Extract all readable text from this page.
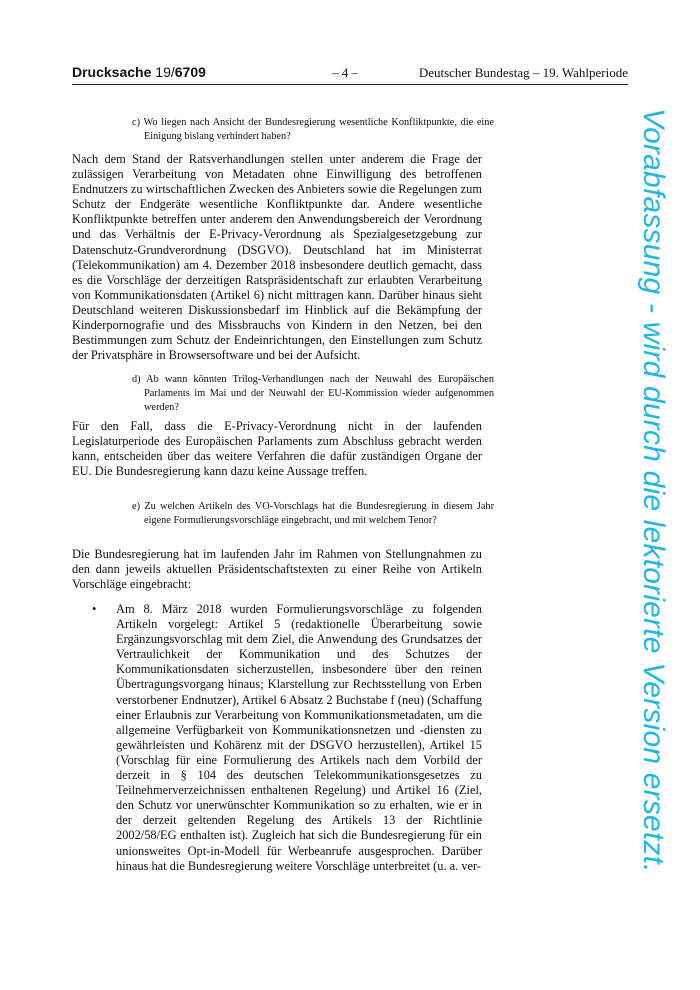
Drucksache 19/6709	– 4 –	Deutscher Bundestag – 19. Wahlperiode
c) Wo liegen nach Ansicht der Bundesregierung wesentliche Konfliktpunkte, die eine Einigung bislang verhindert haben?

Nach dem Stand der Ratsverhandlungen stellen unter anderem die Frage der zulässigen Verarbeitung von Metadaten ohne Einwilligung des betroffenen Endnutzers zu wirtschaftlichen Zwecken des Anbieters sowie die Regelungen zum Schutz der Endgeräte wesentliche Konfliktpunkte dar. Andere wesentliche Konfliktpunkte betreffen unter anderem den Anwendungsbereich der Verordnung und das Verhältnis der E-Privacy-Verordnung als Spezialgesetzgebung zur Datenschutz-Grundverordnung (DSGVO). Deutschland hat im Ministerrat (Telekommunikation) am 4. Dezember 2018 insbesondere deutlich gemacht, dass es die Vorschläge der derzeitigen Ratspräsidentschaft zur erlaubten Verarbeitung von Kommunikationsdaten (Artikel 6) nicht mittragen kann. Darüber hinaus sieht Deutschland weiteren Diskussionsbedarf im Hinblick auf die Bekämpfung der Kinderpornografie und des Missbrauchs von Kindern in den Netzen, bei den Bestimmungen zum Schutz der Endeinrichtungen, den Einstellungen zum Schutz der Privatsphäre in Browsersoftware und bei der Aufsicht.

d) Ab wann könnten Trilog-Verhandlungen nach der Neuwahl des Europäischen Parlaments im Mai und der Neuwahl der EU-Kommission wieder aufgenommen werden?

Für den Fall, dass die E-Privacy-Verordnung nicht in der laufenden Legislaturperiode des Europäischen Parlaments zum Abschluss gebracht werden kann, entscheiden über das weitere Verfahren die dafür zuständigen Organe der EU. Die Bundesregierung kann dazu keine Aussage treffen.

e) Zu welchen Artikeln des VO-Vorschlags hat die Bundesregierung in diesem Jahr eigene Formulierungsvorschläge eingebracht, und mit welchem Tenor?

Die Bundesregierung hat im laufenden Jahr im Rahmen von Stellungnahmen zu den dann jeweils aktuellen Präsidentschaftstexten zu einer Reihe von Artikeln Vorschläge eingebracht:

• Am 8. März 2018 wurden Formulierungsvorschläge zu folgenden Artikeln vorgelegt: Artikel 5 (redaktionelle Überarbeitung sowie Ergänzungsvorschlag mit dem Ziel, die Anwendung des Grundsatzes der Vertraulichkeit der Kommunikation und des Schutzes der Kommunikationsdaten sicherzustellen, insbesondere über den reinen Übertragungsvorgang hinaus; Klarstellung zur Rechtsstellung von Erben verstorbener Endnutzer), Artikel 6 Absatz 2 Buchstabe f (neu) (Schaffung einer Erlaubnis zur Verarbeitung von Kommunikationsmetadaten, um die allgemeine Verfügbarkeit von Kommunikationsnetzen und -diensten zu gewährleisten und Kohärenz mit der DSGVO herzustellen), Artikel 15 (Vorschlag für eine Formulierung des Artikels nach dem Vorbild der derzeit in § 104 des deutschen Telekommunikationsgesetzes zu Teilnehmerverzeichnissen enthaltenen Regelung) und Artikel 16 (Ziel, den Schutz vor unerwünschter Kommunikation so zu erhalten, wie er in der derzeit geltenden Regelung des Artikels 13 der Richtlinie 2002/58/EG enthalten ist). Zugleich hat sich die Bundesregierung für ein unionsweites Opt-in-Modell für Werbeanrufe ausgesprochen. Darüber hinaus hat die Bundesregierung weitere Vorschläge unterbreitet (u. a. ver-	Vorabfassung - wird durch die lektorierte Version ersetzt.
